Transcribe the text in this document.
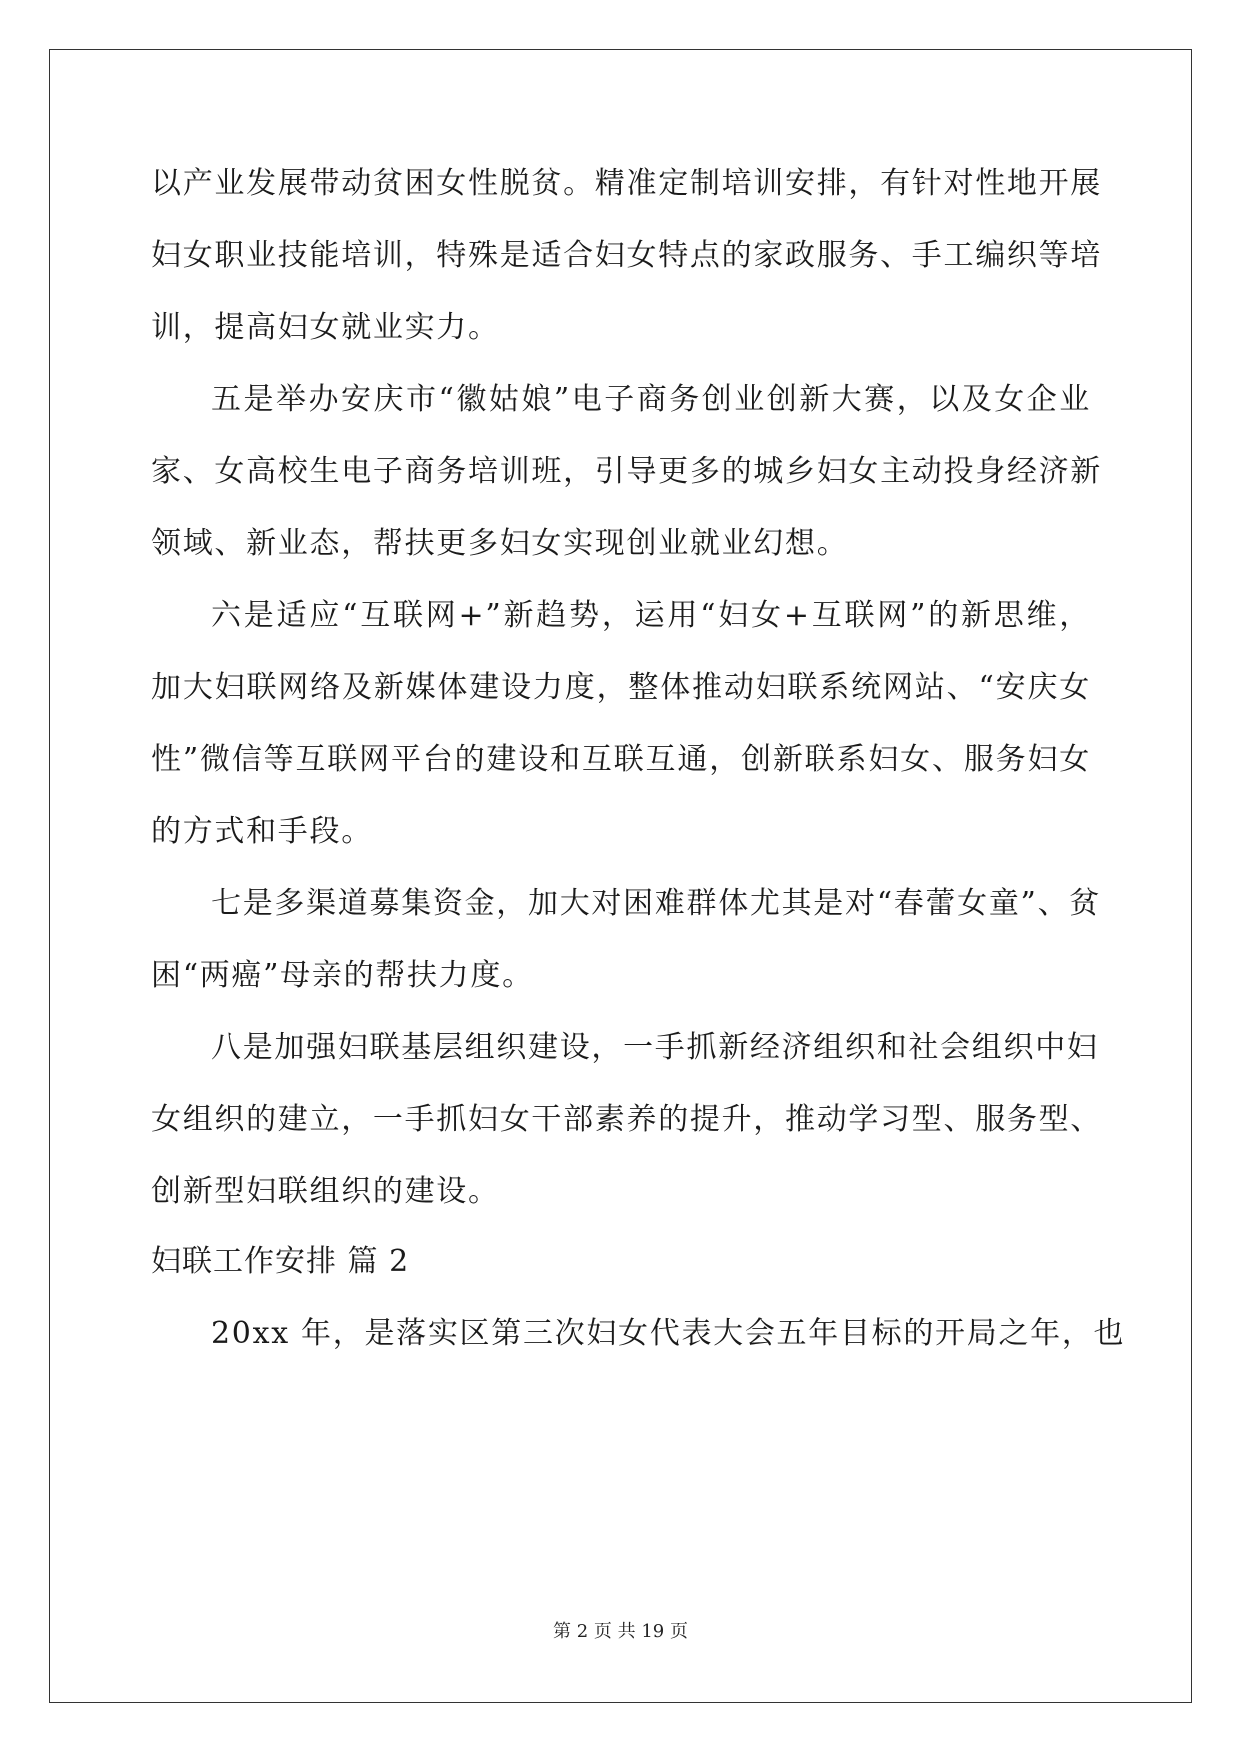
以产业发展带动贫困女性脱贫。精准定制培训安排，有针对性地开展
妇女职业技能培训，特殊是适合妇女特点的家政服务、手工编织等培
训，提高妇女就业实力。
五是举办安庆市“徽姑娘”电子商务创业创新大赛，以及女企业
家、女高校生电子商务培训班，引导更多的城乡妇女主动投身经济新
领域、新业态，帮扶更多妇女实现创业就业幻想。
六是适应“互联网+”新趋势，运用“妇女+互联网”的新思维，
加大妇联网络及新媒体建设力度，整体推动妇联系统网站、“安庆女
性”微信等互联网平台的建设和互联互通，创新联系妇女、服务妇女
的方式和手段。
七是多渠道募集资金，加大对困难群体尤其是对“春蕾女童”、贫
困“两癌”母亲的帮扶力度。
八是加强妇联基层组织建设，一手抓新经济组织和社会组织中妇
女组织的建立，一手抓妇女干部素养的提升，推动学习型、服务型、
创新型妇联组织的建设。
妇联工作安排 篇 2
20xx 年，是落实区第三次妇女代表大会五年目标的开局之年，也
第 2 页 共 19 页
